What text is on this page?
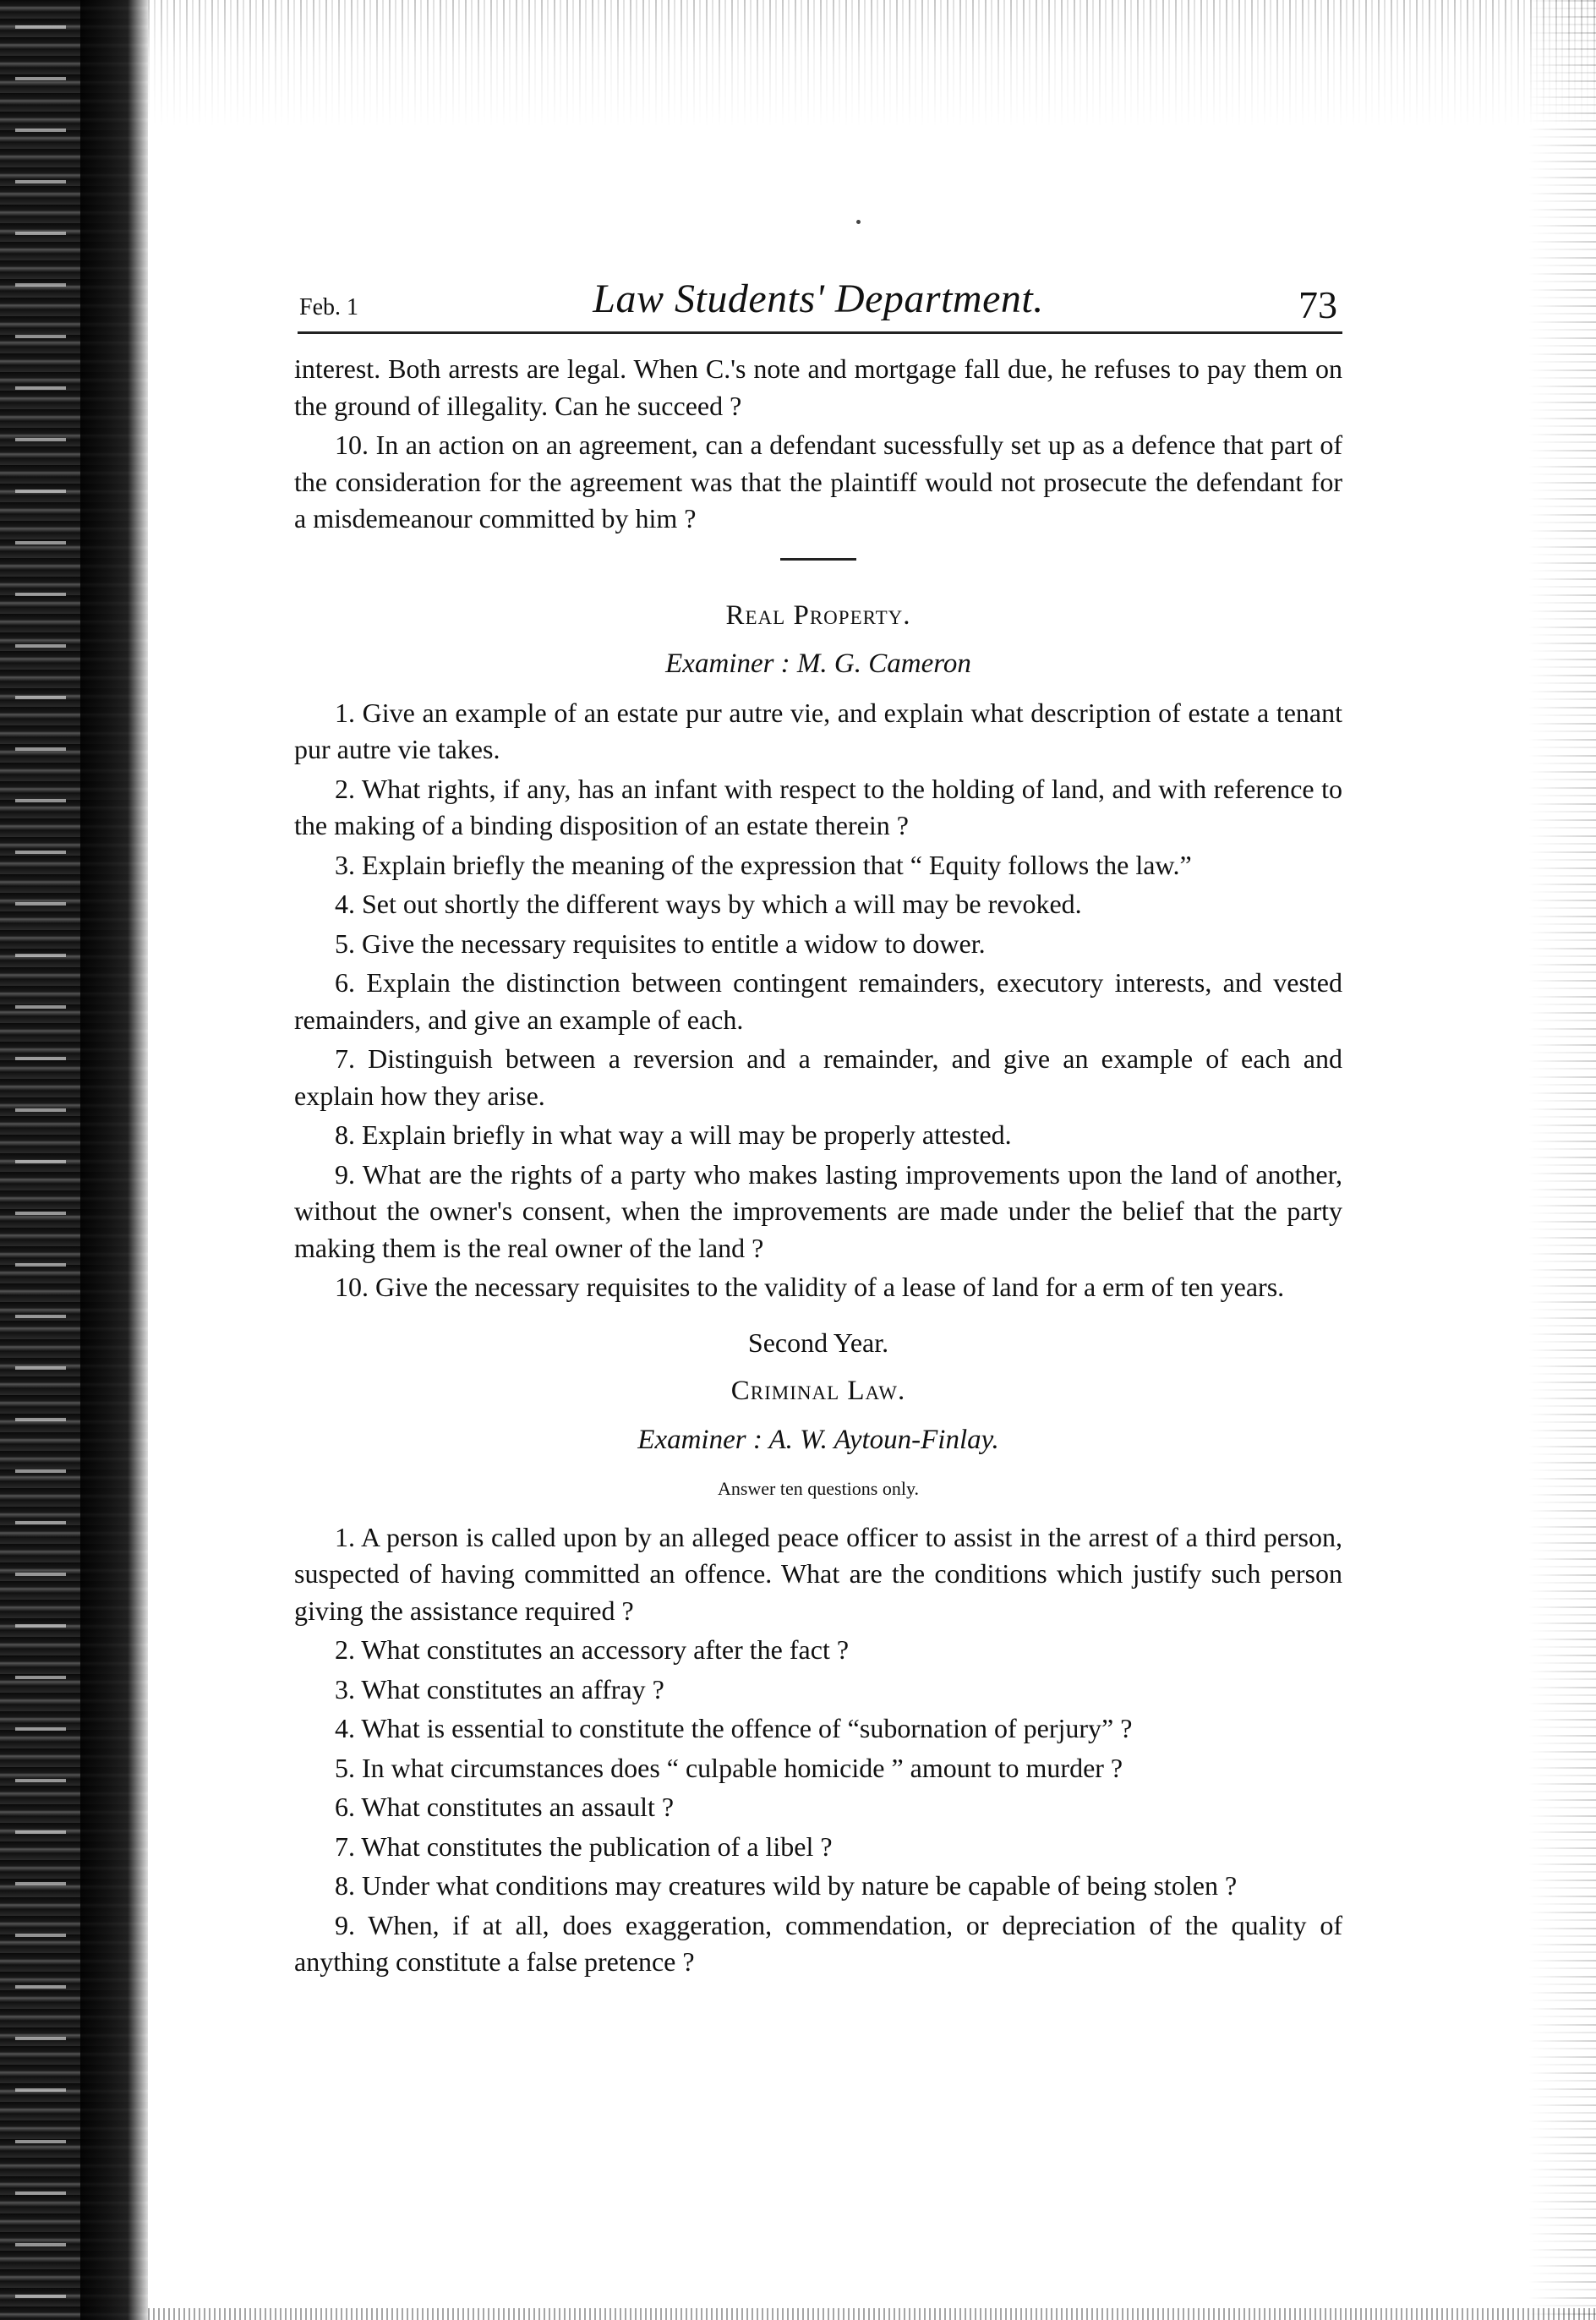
Feb. 1	Law Students' Department.	73

interest. Both arrests are legal. When C.'s note and mortgage fall due, he refuses to pay them on the ground of illegality. Can he succeed ?

10. In an action on an agreement, can a defendant sucessfully set up as a defence that part of the consideration for the agreement was that the plaintiff would not prosecute the defendant for a misdemeanour committed by him ?

Real Property.

Examiner : M. G. Cameron

1. Give an example of an estate pur autre vie, and explain what description of estate a tenant pur autre vie takes.

2. What rights, if any, has an infant with respect to the holding of land, and with reference to the making of a binding disposition of an estate therein ?

3. Explain briefly the meaning of the expression that “ Equity follows the law.”

4. Set out shortly the different ways by which a will may be revoked.

5. Give the necessary requisites to entitle a widow to dower.

6. Explain the distinction between contingent remainders, executory interests, and vested remainders, and give an example of each.

7. Distinguish between a reversion and a remainder, and give an example of each and explain how they arise.

8. Explain briefly in what way a will may be properly attested.

9. What are the rights of a party who makes lasting improvements upon the land of another, without the owner's consent, when the improvements are made under the belief that the party making them is the real owner of the land ?

10. Give the necessary requisites to the validity of a lease of land for a erm of ten years.

Second Year.

Criminal Law.

Examiner : A. W. Aytoun-Finlay.

Answer ten questions only.

1. A person is called upon by an alleged peace officer to assist in the arrest of a third person, suspected of having committed an offence. What are the conditions which justify such person giving the assistance required ?

2. What constitutes an accessory after the fact ?

3. What constitutes an affray ?

4. What is essential to constitute the offence of “subornation of perjury” ?

5. In what circumstances does “ culpable homicide ” amount to murder ?

6. What constitutes an assault ?

7. What constitutes the publication of a libel ?

8. Under what conditions may creatures wild by nature be capable of being stolen ?

9. When, if at all, does exaggeration, commendation, or depreciation of the quality of anything constitute a false pretence ?
